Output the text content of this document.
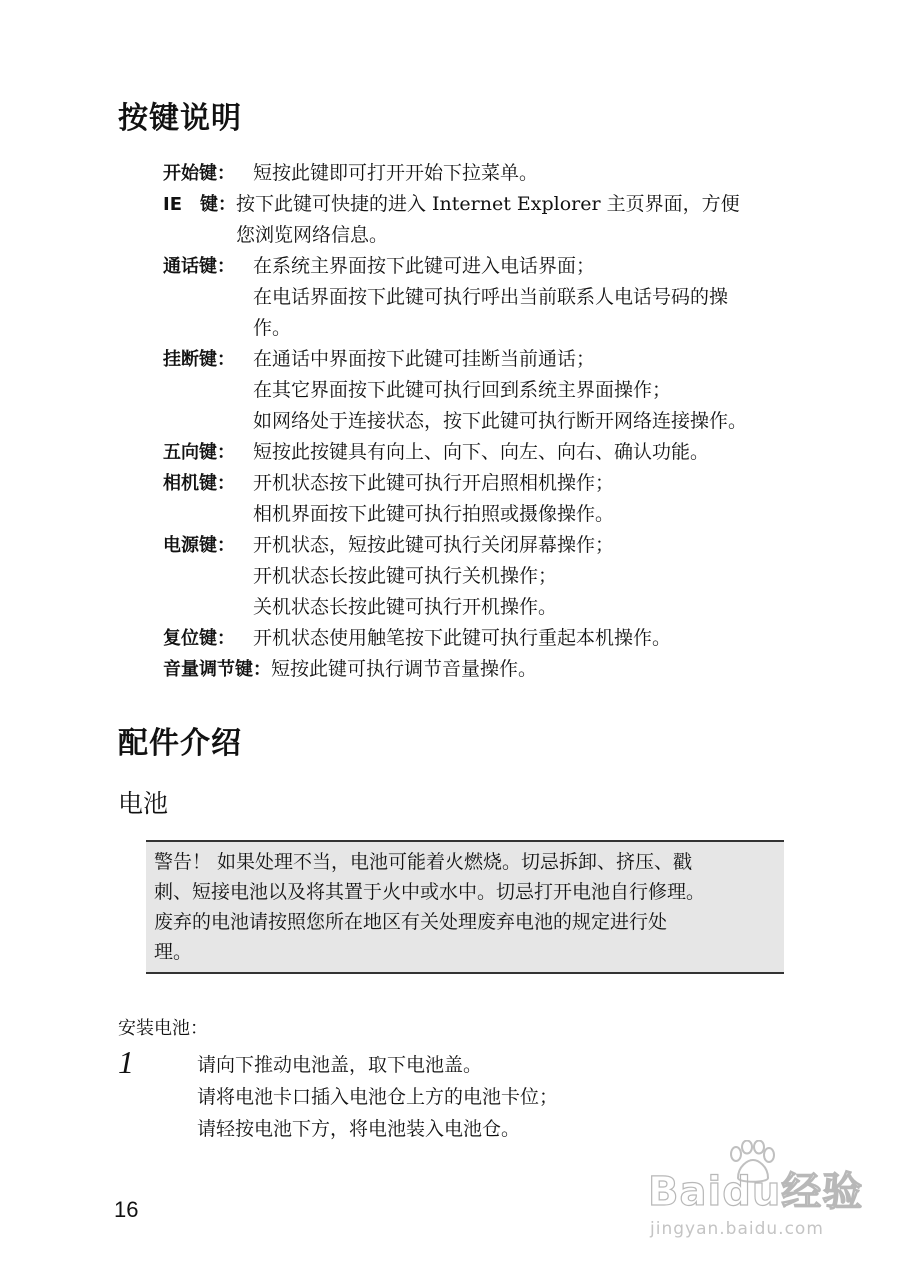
按键说明
开始键： 短按此键即可打开开始下拉菜单。
IE　键： 按下此键可快捷的进入 Internet Explorer 主页界面，方便
您浏览网络信息。
通话键： 在系统主界面按下此键可进入电话界面；
在电话界面按下此键可执行呼出当前联系人电话号码的操
作。
挂断键： 在通话中界面按下此键可挂断当前通话；
在其它界面按下此键可执行回到系统主界面操作；
如网络处于连接状态，按下此键可执行断开网络连接操作。
五向键： 短按此按键具有向上、向下、向左、向右、确认功能。
相机键： 开机状态按下此键可执行开启照相机操作；
相机界面按下此键可执行拍照或摄像操作。
电源键： 开机状态，短按此键可执行关闭屏幕操作；
开机状态长按此键可执行关机操作；
关机状态长按此键可执行开机操作。
复位键： 开机状态使用触笔按下此键可执行重起本机操作。
音量调节键： 短按此键可执行调节音量操作。
配件介绍
电池
警告！ 如果处理不当，电池可能着火燃烧。切忌拆卸、挤压、戳
刺、短接电池以及将其置于火中或水中。切忌打开电池自行修理。
废弃的电池请按照您所在地区有关处理废弃电池的规定进行处
理。
安装电池：
1	请向下推动电池盖，取下电池盖。
请将电池卡口插入电池仓上方的电池卡位；
请轻按电池下方，将电池装入电池仓。
16	Baidu经验
jingyan.baidu.com
